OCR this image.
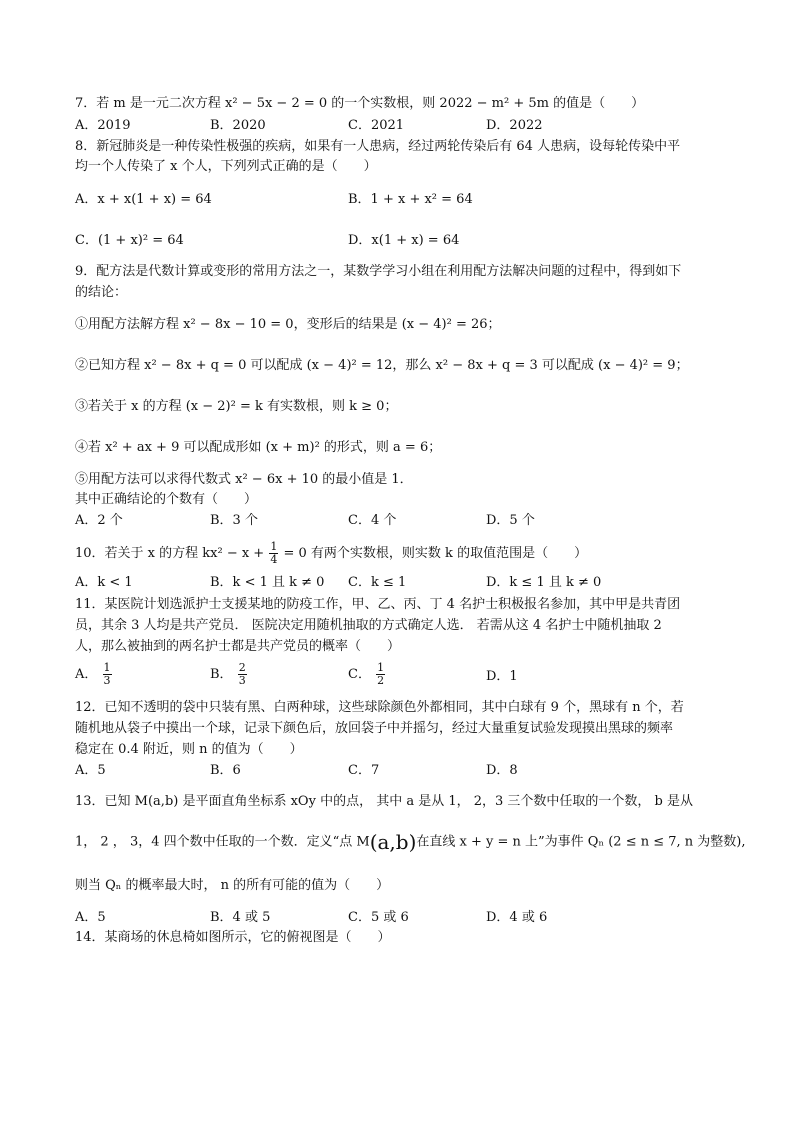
7．若 m 是一元二次方程 x² − 5x − 2 = 0 的一个实数根，则 2022 − m² + 5m 的值是（　　）
A．2019	B．2020	C．2021	D．2022
8．新冠肺炎是一种传染性极强的疾病，如果有一人患病，经过两轮传染后有 64 人患病，设每轮传染中平
均一个人传染了 x 个人，下列列式正确的是（　　）
A．x + x(1 + x) = 64	B．1 + x + x² = 64
C．(1 + x)² = 64	D．x(1 + x) = 64
9．配方法是代数计算或变形的常用方法之一，某数学学习小组在利用配方法解决问题的过程中，得到如下
的结论：
①用配方法解方程 x² − 8x − 10 = 0，变形后的结果是 (x − 4)² = 26；
②已知方程 x² − 8x + q = 0 可以配成 (x − 4)² = 12，那么 x² − 8x + q = 3 可以配成 (x − 4)² = 9；
③若关于 x 的方程 (x − 2)² = k 有实数根，则 k ≥ 0；
④若 x² + ax + 9 可以配成形如 (x + m)² 的形式，则 a = 6；
⑤用配方法可以求得代数式 x² − 6x + 10 的最小值是 1．
其中正确结论的个数有（　　）
A．2 个	B．3 个	C．4 个	D．5 个
10．若关于 x 的方程 $kx^2 - x + \frac{1}{4} = 0$ 有两个实数根，则实数 k 的取值范围是（　　）
A．k < 1	B．k < 1 且 k ≠ 0 C．k ≤ 1	D．k ≤ 1 且 k ≠ 0
11．某医院计划选派护士支援某地的防疫工作，甲、乙、丙、丁 4 名护士积极报名参加，其中甲是共青团
员，其余 3 人均是共产党员． 医院决定用随机抽取的方式确定人选． 若需从这 4 名护士中随机抽取 2
人，那么被抽到的两名护士都是共产党员的概率（　　）
A． $\frac{1}{3}$	B． $\frac{2}{3}$	C． $\frac{1}{2}$	D．1
12．已知不透明的袋中只装有黑、白两种球，这些球除颜色外都相同，其中白球有 9 个，黑球有 n 个，若
随机地从袋子中摸出一个球，记录下颜色后，放回袋子中并摇匀，经过大量重复试验发现摸出黑球的频率
稳定在 0.4 附近，则 n 的值为（　　）
A．5	B．6	C．7	D．8
13．已知 M(a,b) 是平面直角坐标系 xOy 中的点， 其中 a 是从 1， 2，3 三个数中任取的一个数， b 是从
1， 2 ， 3，4 四个数中任取的一个数．定义“点 M(a,b)在直线 x + y = n 上”为事件 Qₙ (2 ≤ n ≤ 7, n 为整数),
则当 Qₙ 的概率最大时， n 的所有可能的值为（　　）
A．5	B．4 或 5	C．5 或 6	D．4 或 6
14．某商场的休息椅如图所示，它的俯视图是（　　）
